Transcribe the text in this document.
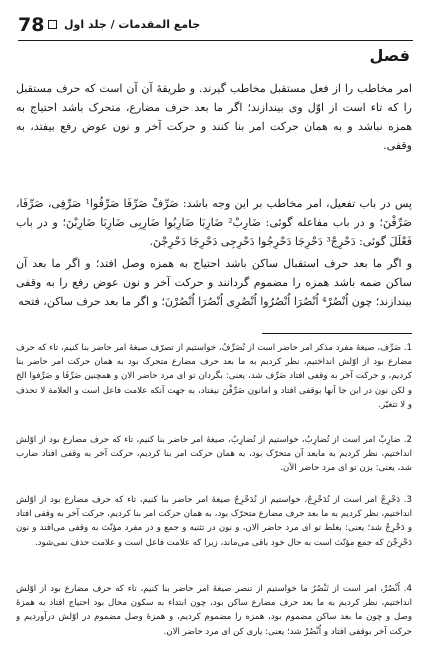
78 جامع المقدمات / جلد اول
فصل

امر مخاطب را از فعل مستقبل مخاطب گیرند. و طریقهٔ آن آن است که حرف مستقبل را که تاء است از اوّل وی بیندازند؛ اگر ما بعد حرف مضارع، متحرک باشد احتیاج به همزه نباشد و به همان حرکت امر بنا کنند و حرکت آخر و نون عوض رفع بیفتد، به وقفی.

پس در باب تفعیل، امر مخاطب بر این وجه باشد: صَرِّفْ صَرِّفَا صَرِّفُوا¹ صَرِّفِی، صَرِّفَا، صَرِّفْنَ؛ و در باب مفاعله گوئی: ضَارِبْ² ضَارِبَا ضَارِبُوا ضَارِبِی ضَارِبَا ضَارِبْنَ؛ و در باب فَعْلَلَ گوئی: دَحْرِجْ³ دَحْرِجَا دَحْرِجُوا دَحْرِجِی دَحْرِجَا دَحْرِجْنَ.

و اگر ما بعد حرف استقبال ساکن باشد احتیاج به همزه وصل افتد؛ و اگر ما بعد آن ساکن ضمه باشد همزه را مضموم گردانند و حرکت آخر و نون عوض رفع را به وقفی بیندازند؛ چون اُنْصُرْ⁴ اُنْصُرَا اُنْصُرُوا اُنْصُرِی اُنْصُرَا اُنْصُرْنَ؛ و اگر ما بعد حرف ساکن، فتحه

1. صَرِّف، صیغهٔ مفرد مذکر امر حاضر است از تُصَرِّفُ، خواستیم از تصرّف صیغهٔ امر حاضر بنا کنیم، تاء که حرف مضارع بود از اوّلش انداختیم، نظر کردیم به ما بعد حرف مضارع متحرک بود به همان حرکت امر حاضر بنا کردیم، و حرکت آخر به وقفی افتاد صَرِّف شد، یعنی: بگردان تو ای مرد حاضر الان و همچنین صَرِّفَا و صَرِّفوا الخ و لکن نون در این جا آنها بوقفی افتاد و امانون صَرِّفْنَ نیفتاد، به جهت آنکه علامت فاعل است و العلامة لا تحذف و لا تتغیّر.

2. ضارِبْ امر است از تُضارِبُ، خواستیم از تُضارِبُ، صیغهٔ امر حاضر بنا کنیم، تاء که حرف مضارع بود از اوّلش انداختیم، نظر کردیم به مابعد آن متحرّک بود، به همان حرکت امر بنا کردیم، حرکت آخر به وقفی افتاد ضارب شد، یعنی: بزن تو ای مرد حاضر الآن.

3. دَحْرِجْ امر است از تُدَحْرِجُ، خواستیم از تُدَحْرِجُ صیغهٔ امر حاضر بنا کنیم، تاء که حرف مضارع بود از اوّلش انداختیم، نظر کردیم به ما بعد حرف مضارع متحرّک بود، به همان حرکت امر بنا کردیم، حرکت آخر به وقفی افتاد و دَحْرِجْ شد؛ یعنی: بغلط تو ای مرد حاضر الان، و نون در تثنیه و جمع و در مفرد مؤنّث به وقفی می‌افتد و نون دَحْرِجْنَ که جمع مؤنّث است به حال خود باقی می‌ماند، زیرا که علامت فاعل است و علامت حذف نمی‌شود.

4. اُنْصُرْ، امر است از تَنْصُرُ ما خواستیم از تنصر صیغهٔ امر حاضر بنا کنیم، تاء که حرف مضارع بود از اوّلش انداختیم، نظر کردیم به ما بعد حرف مضارع ساکن بود، چون ابتداء به سکون محال بود احتیاج افتاد به همزهٔ وصل و چون ما بعد ساکن مضموم بود، همزه را مضموم کردیم، و همزهٔ وصل مضموم در اوّلش درآوردیم و حرکت آخر بوقفی افتاد و اُنْصُرْ شد؛ یعنی: یاری کن ای مرد حاضر الان.
